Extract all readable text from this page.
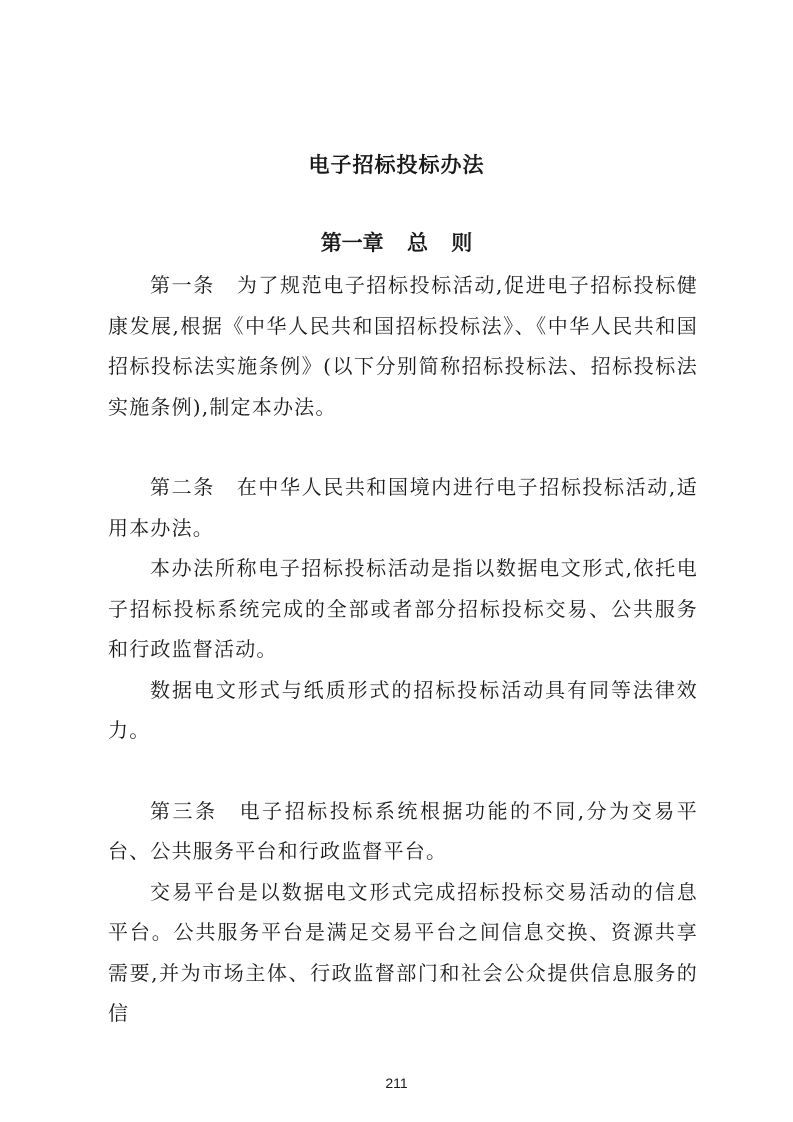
电子招标投标办法
第一章 总 则

第一条 为了规范电子招标投标活动,促进电子招标投标健康发展,根据《中华人民共和国招标投标法》、《中华人民共和国招标投标法实施条例》(以下分别简称招标投标法、招标投标法实施条例),制定本办法。

第二条 在中华人民共和国境内进行电子招标投标活动,适用本办法。

本办法所称电子招标投标活动是指以数据电文形式,依托电子招标投标系统完成的全部或者部分招标投标交易、公共服务和行政监督活动。

数据电文形式与纸质形式的招标投标活动具有同等法律效力。

第三条 电子招标投标系统根据功能的不同,分为交易平台、公共服务平台和行政监督平台。

交易平台是以数据电文形式完成招标投标交易活动的信息平台。公共服务平台是满足交易平台之间信息交换、资源共享需要,并为市场主体、行政监督部门和社会公众提供信息服务的信

211
